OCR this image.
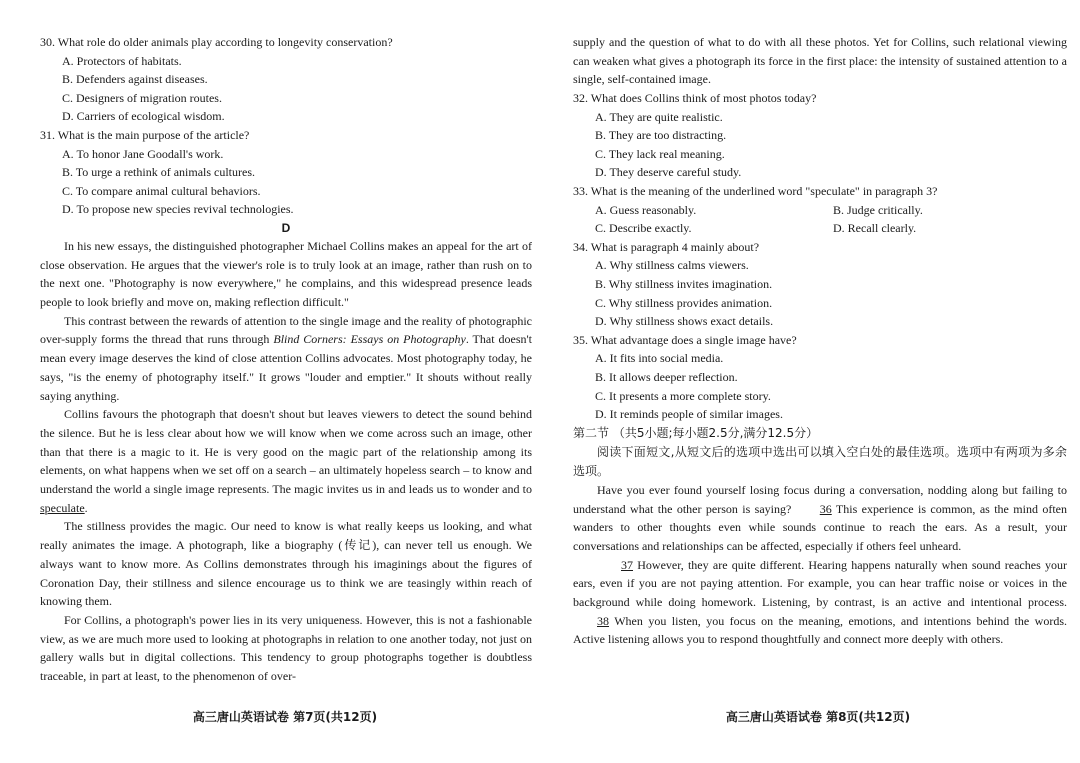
30. What role do older animals play according to longevity conservation?
A. Protectors of habitats.
B. Defenders against diseases.
C. Designers of migration routes.
D. Carriers of ecological wisdom.
31. What is the main purpose of the article?
A. To honor Jane Goodall's work.
B. To urge a rethink of animals cultures.
C. To compare animal cultural behaviors.
D. To propose new species revival technologies.
D

In his new essays, the distinguished photographer Michael Collins makes an appeal for the art of close observation. He argues that the viewer's role is to truly look at an image, rather than rush on to the next one. "Photography is now everywhere," he complains, and this widespread presence leads people to look briefly and move on, making reflection difficult."

This contrast between the rewards of attention to the single image and the reality of photographic over-supply forms the thread that runs through Blind Corners: Essays on Photography. That doesn't mean every image deserves the kind of close attention Collins advocates. Most photography today, he says, "is the enemy of photography itself." It grows "louder and emptier." It shouts without really saying anything.

Collins favours the photograph that doesn't shout but leaves viewers to detect the sound behind the silence. But he is less clear about how we will know when we come across such an image, other than that there is a magic to it. He is very good on the magic part of the relationship among its elements, on what happens when we set off on a search – an ultimately hopeless search – to know and understand the world a single image represents. The magic invites us in and leads us to wonder and to speculate.

The stillness provides the magic. Our need to know is what really keeps us looking, and what really animates the image. A photograph, like a biography (传记), can never tell us enough. We always want to know more. As Collins demonstrates through his imaginings about the figures of Coronation Day, their stillness and silence encourage us to think we are teasingly within reach of knowing them.

For Collins, a photograph's power lies in its very uniqueness. However, this is not a fashionable view, as we are much more used to looking at photographs in relation to one another today, not just on gallery walls but in digital collections. This tendency to group photographs together is doubtless traceable, in part at least, to the phenomenon of over-

高三唐山英语试卷 第7页(共12页)

supply and the question of what to do with all these photos. Yet for Collins, such relational viewing can weaken what gives a photograph its force in the first place: the intensity of sustained attention to a single, self-contained image.

32. What does Collins think of most photos today?
A. They are quite realistic.
B. They are too distracting.
C. They lack real meaning.
D. They deserve careful study.
33. What is the meaning of the underlined word "speculate" in paragraph 3?
A. Guess reasonably.	B. Judge critically.
C. Describe exactly.	D. Recall clearly.
34. What is paragraph 4 mainly about?
A. Why stillness calms viewers.
B. Why stillness invites imagination.
C. Why stillness provides animation.
D. Why stillness shows exact details.
35. What advantage does a single image have?
A. It fits into social media.
B. It allows deeper reflection.
C. It presents a more complete story.
D. It reminds people of similar images.
第二节 （共5小题;每小题2.5分,满分12.5分）
阅读下面短文,从短文后的选项中选出可以填入空白处的最佳选项。选项中有两项为多余选项。

Have you ever found yourself losing focus during a conversation, nodding along but failing to understand what the other person is saying? 36 This experience is common, as the mind often wanders to other thoughts even while sounds continue to reach the ears. As a result, your conversations and relationships can be affected, especially if others feel unheard.

37 However, they are quite different. Hearing happens naturally when sound reaches your ears, even if you are not paying attention. For example, you can hear traffic noise or voices in the background while doing homework. Listening, by contrast, is an active and intentional process. 38 When you listen, you focus on the meaning, emotions, and intentions behind the words. Active listening allows you to respond thoughtfully and connect more deeply with others.

高三唐山英语试卷 第8页(共12页)
